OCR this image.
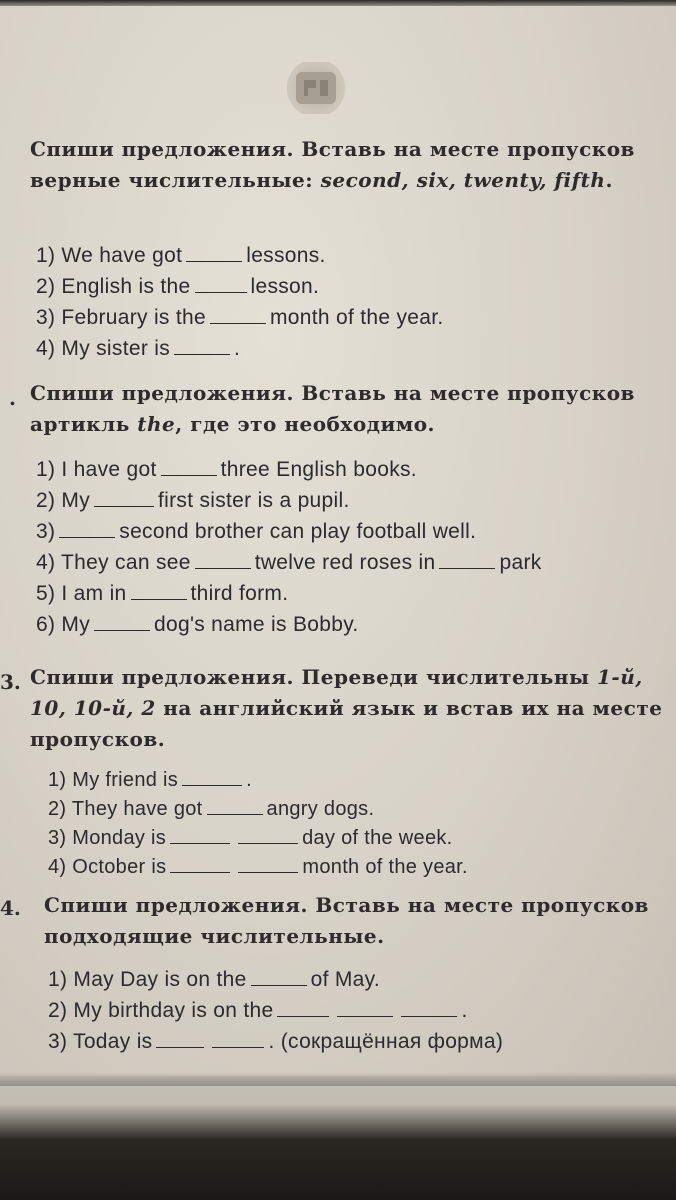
Спиши предложения. Вставь на месте пропусков верные числительные: second, six, twenty, fifth.

1) We have got	lessons.
2) English is the	lesson.
3) February is the	month of the year.
4) My sister is	.
. Спиши предложения. Вставь на месте пропусков артикль the, где это необходимо.

1) I have got	three English books.
2) My	first sister is a pupil.
3)	second brother can play football well.
4) They can see	twelve red roses in	park
5) I am in	third form.
6) My	dog's name is Bobby.
3. Спиши предложения. Переведи числительны 1-й, 10, 10-й, 2 на английский язык и встав их на месте пропусков.

1) My friend is	.
2) They have got	angry dogs.
3) Monday is	day of the week.
4) October is	month of the year.
4. Спиши предложения. Вставь на месте пропусков подходящие числительные.

1) May Day is on the	of May.
2) My birthday is on the	.
3) Today is	. (сокращённая форма)
